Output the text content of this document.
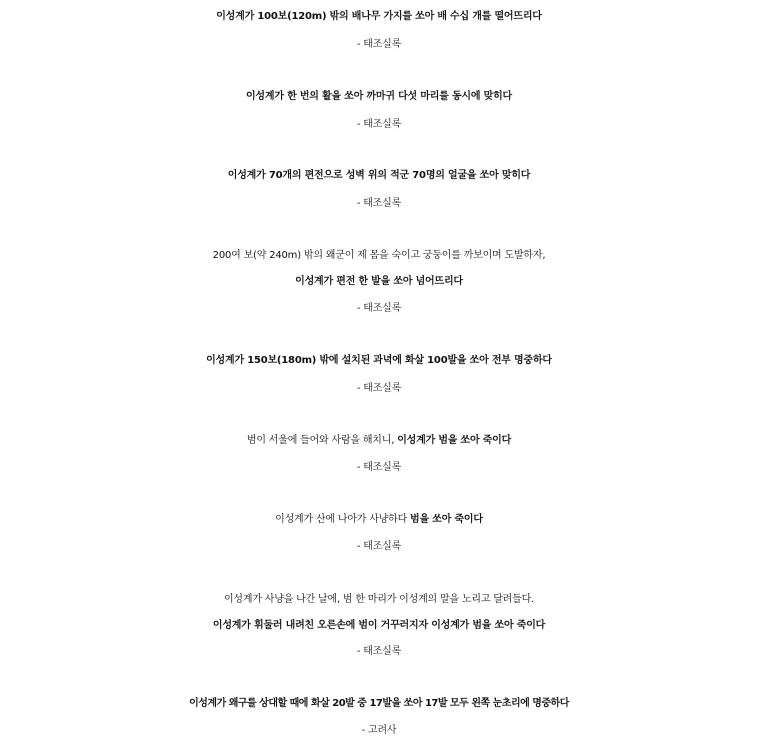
이성계가 100보(120m) 밖의 배나무 가지를 쏘아 배 수십 개를 떨어뜨리다
- 태조실록
이성계가 한 번의 활을 쏘아 까마귀 다섯 마리를 동시에 맞히다
- 태조실록
이성계가 70개의 편전으로 성벽 위의 적군 70명의 얼굴을 쏘아 맞히다
- 태조실록
200여 보(약 240m) 밖의 왜군이 제 몸을 숙이고 궁둥이를 까보이며 도발하자,
이성계가 편전 한 발을 쏘아 넘어뜨리다
- 태조실록
이성계가 150보(180m) 밖에 설치된 과녁에 화살 100발을 쏘아 전부 명중하다
- 태조실록
범이 서울에 들어와 사람을 해치니, 이성계가 범을 쏘아 죽이다
- 태조실록
이성계가 산에 나아가 사냥하다 범을 쏘아 죽이다
- 태조실록
이성계가 사냥을 나간 날에, 범 한 마리가 이성계의 말을 노리고 달려들다.
이성계가 휘둘러 내려친 오른손에 범이 거꾸러지자 이성계가 범을 쏘아 죽이다
- 태조실록
이성계가 왜구를 상대할 때에 화살 20발 중 17발을 쏘아 17발 모두 왼쪽 눈초리에 명중하다
- 고려사
